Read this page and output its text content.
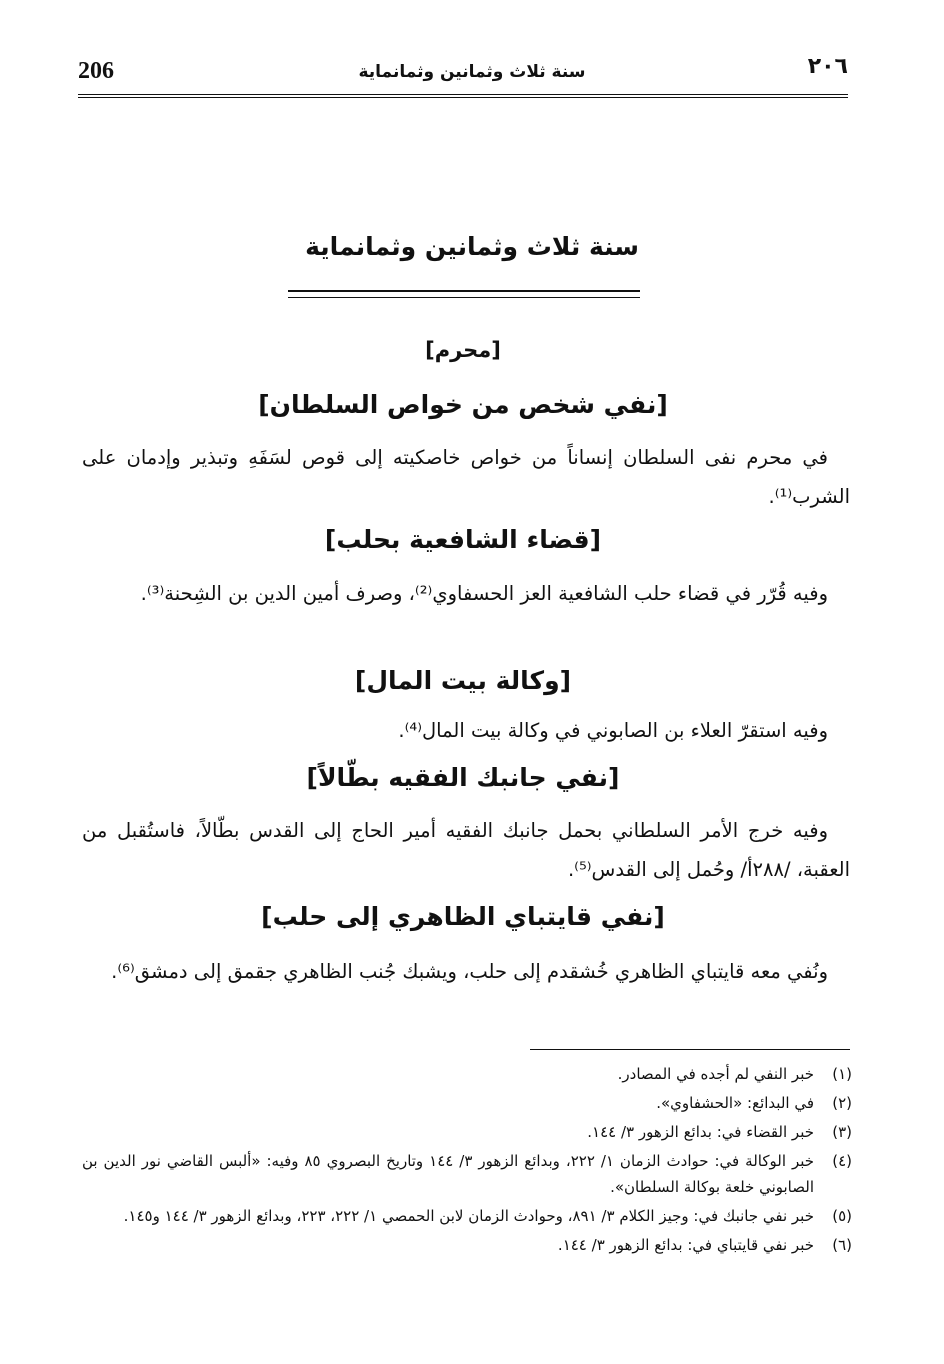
206	سنة ثلاث وثمانين وثمانماية	٢٠٦
سنة ثلاث وثمانين وثمانماية
[محرم]
[نفي شخص من خواص السلطان]
في محرم نفى السلطان إنساناً من خواص خاصكيته إلى قوص لسَفَهِ وتبذير وإدمان على الشرب⁽¹⁾.
[قضاء الشافعية بحلب]
وفيه قُرّر في قضاء حلب الشافعية العز الحسفاوي⁽²⁾، وصرف أمين الدين بن الشِحنة⁽³⁾.
[وكالة بيت المال]
وفيه استقرّ العلاء بن الصابوني في وكالة بيت المال⁽⁴⁾.
[نفي جانبك الفقيه بطّالاً]
وفيه خرج الأمر السلطاني بحمل جانبك الفقيه أمير الحاج إلى القدس بطّالاً، فاستُقبل من العقبة، /٢٨٨أ/ وحُمل إلى القدس⁽⁵⁾.
[نفي قايتباي الظاهري إلى حلب]
ونُفي معه قايتباي الظاهري خُشقدم إلى حلب، ويشبك جُنب الظاهري جقمق إلى دمشق⁽⁶⁾.
(١)
خبر النفي لم أجده في المصادر.
(٢)
في البدائع: «الحشفاوي».
(٣)
خبر القضاء في: بدائع الزهور ٣/ ١٤٤.
(٤)
خبر الوكالة في: حوادث الزمان ١/ ٢٢٢، وبدائع الزهور ٣/ ١٤٤ وتاريخ البصروي ٨٥ وفيه: «ألبس القاضي نور الدين بن الصابوني خلعة بوكالة السلطان».
(٥)
خبر نفي جانبك في: وجيز الكلام ٣/ ٨٩١، وحوادث الزمان لابن الحمصي ١/ ٢٢٢، ٢٢٣، وبدائع الزهور ٣/ ١٤٤ و١٤٥.
(٦)
خبر نفي قايتباي في: بدائع الزهور ٣/ ١٤٤.
